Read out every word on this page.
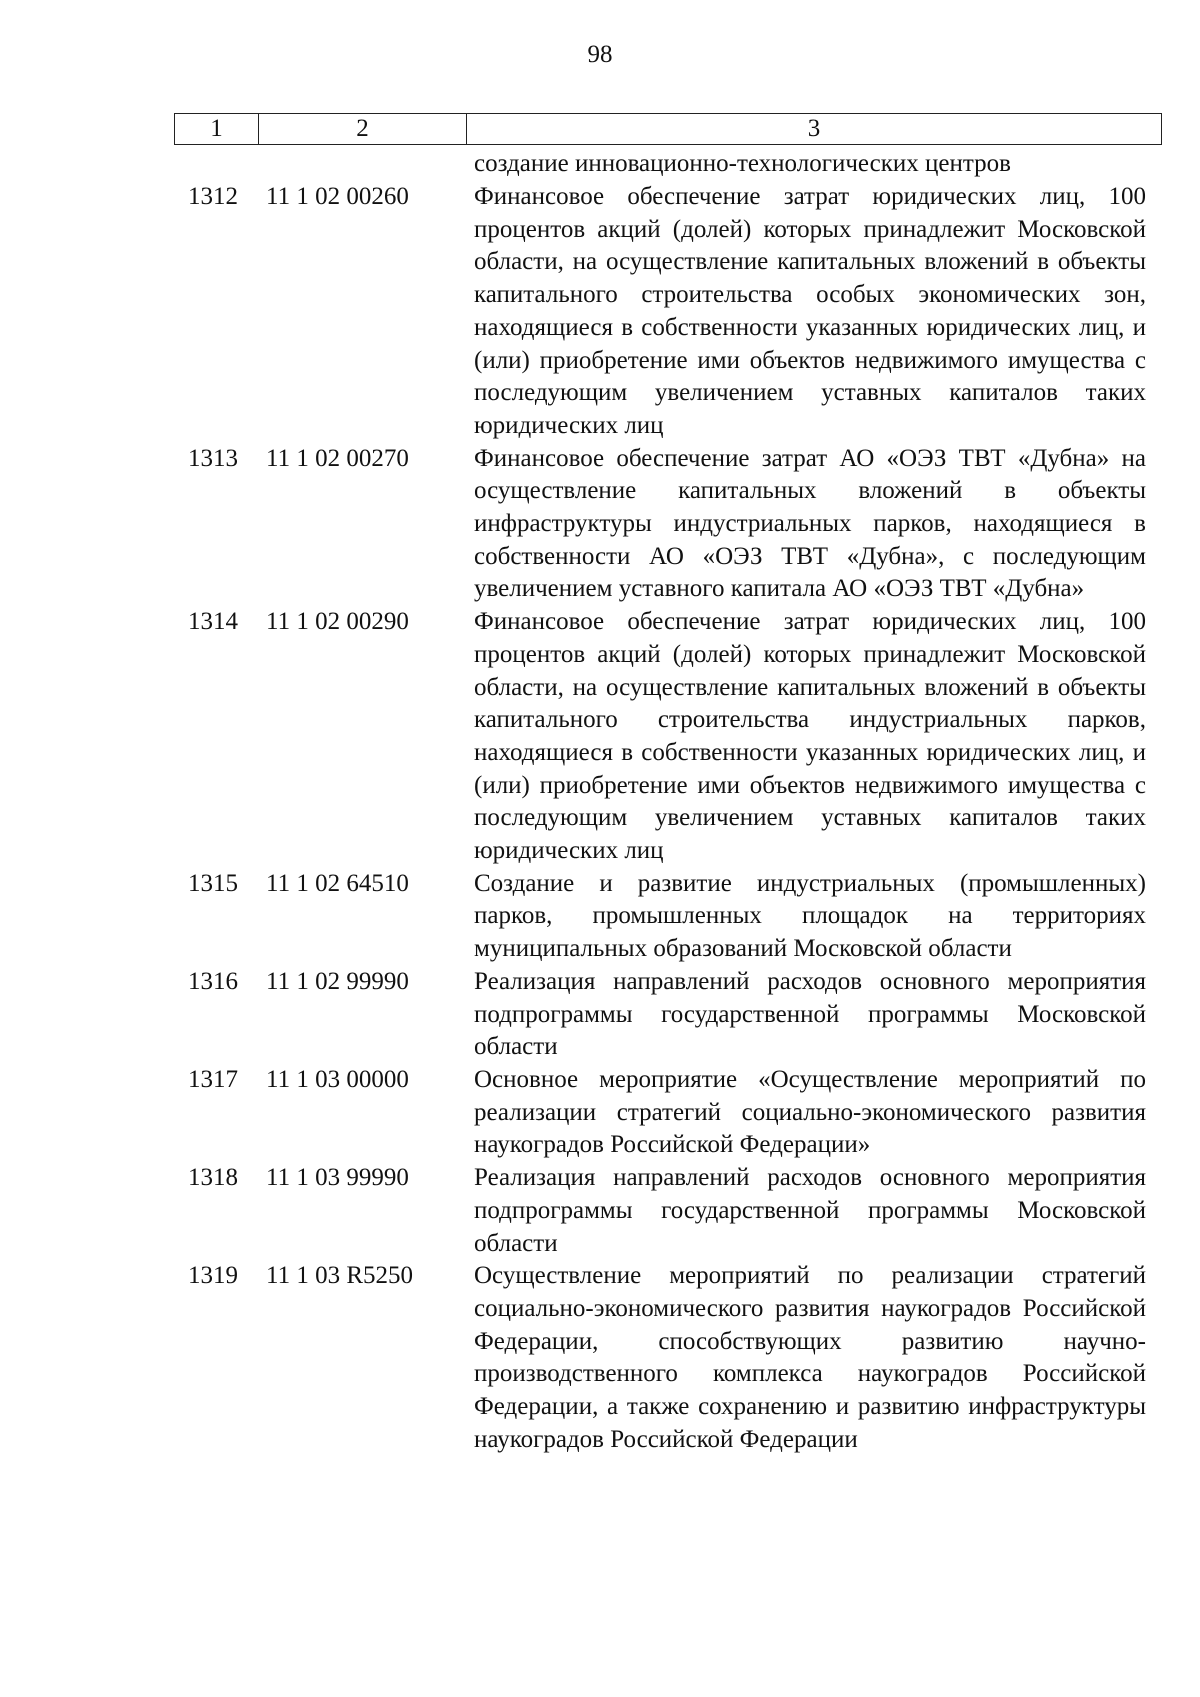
98
1	2	3
создание инновационно-технологических центров
1312	11 1 02 00260	Финансовое обеспечение затрат юридических лиц, 100 процентов акций (долей) которых принадлежит Московской области, на осуществление капитальных вложений в объекты капитального строительства особых экономических зон, находящиеся в собственности указанных юридических лиц, и (или) приобретение ими объектов недвижимого имущества с последующим увеличением уставных капиталов таких юридических лиц
1313	11 1 02 00270	Финансовое обеспечение затрат АО «ОЭЗ ТВТ «Дубна» на осуществление капитальных вложений в объекты инфраструктуры индустриальных парков, находящиеся в собственности АО «ОЭЗ ТВТ «Дубна», с последующим увеличением уставного капитала АО «ОЭЗ ТВТ «Дубна»
1314	11 1 02 00290	Финансовое обеспечение затрат юридических лиц, 100 процентов акций (долей) которых принадлежит Московской области, на осуществление капитальных вложений в объекты капитального строительства индустриальных парков, находящиеся в собственности указанных юридических лиц, и (или) приобретение ими объектов недвижимого имущества с последующим увеличением уставных капиталов таких юридических лиц
1315	11 1 02 64510	Создание и развитие индустриальных (промышленных) парков, промышленных площадок на территориях муниципальных образований Московской области
1316	11 1 02 99990	Реализация направлений расходов основного мероприятия подпрограммы государственной программы Московской области
1317	11 1 03 00000	Основное мероприятие «Осуществление мероприятий по реализации стратегий социально-экономического развития наукоградов Российской Федерации»
1318	11 1 03 99990	Реализация направлений расходов основного мероприятия подпрограммы государственной программы Московской области
1319	11 1 03 R5250	Осуществление мероприятий по реализации стратегий социально-экономического развития наукоградов Российской Федерации, способствующих развитию научно-производственного комплекса наукоградов Российской Федерации, а также сохранению и развитию инфраструктуры наукоградов Российской Федерации
